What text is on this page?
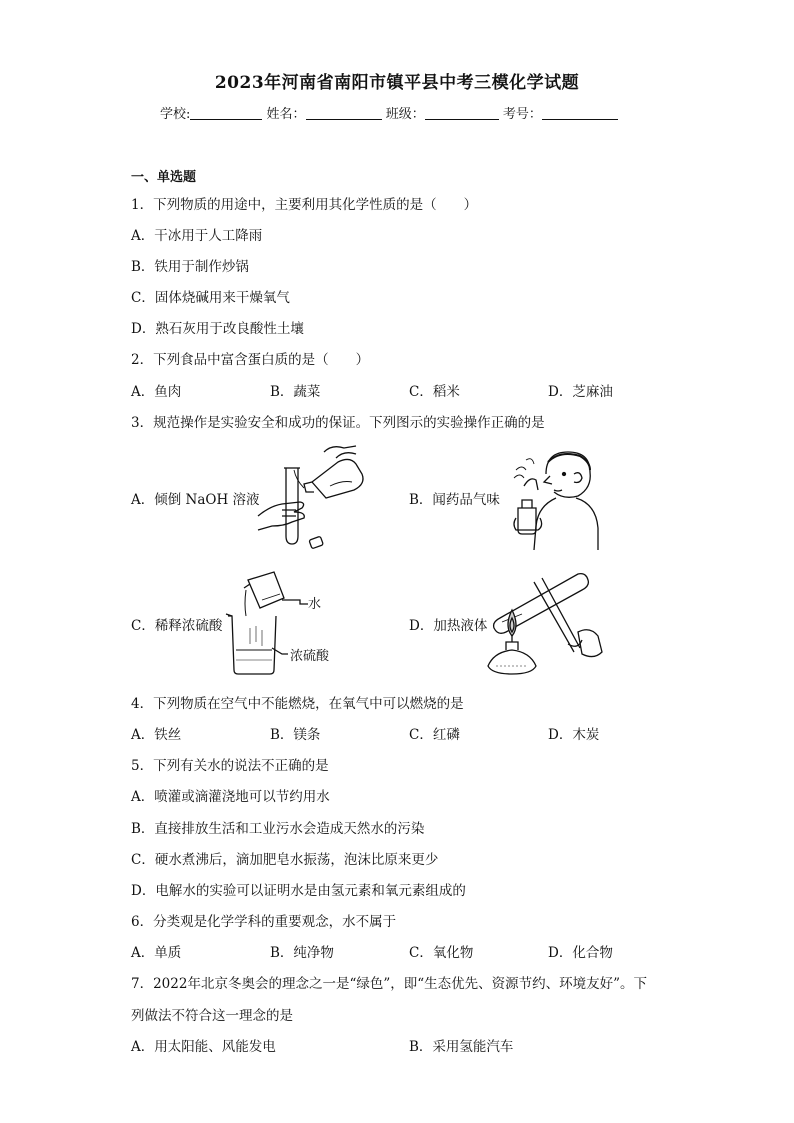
2023年河南省南阳市镇平县中考三模化学试题
学校:	姓名：	班级：	考号：
一、单选题
1．下列物质的用途中，主要利用其化学性质的是（　　）
A．干冰用于人工降雨
B．铁用于制作炒锅
C．固体烧碱用来干燥氧气
D．熟石灰用于改良酸性土壤
2．下列食品中富含蛋白质的是（　　）
A．鱼肉	B．蔬菜	C．稻米	D．芝麻油
3．规范操作是实验安全和成功的保证。下列图示的实验操作正确的是
A．倾倒 NaOH 溶液	B．闻药品气味
C．稀释浓硫酸	D．加热液体
水
浓硫酸
4．下列物质在空气中不能燃烧，在氧气中可以燃烧的是
A．铁丝	B．镁条	C．红磷	D．木炭
5．下列有关水的说法不正确的是
A．喷灌或滴灌浇地可以节约用水
B．直接排放生活和工业污水会造成天然水的污染
C．硬水煮沸后，滴加肥皂水振荡，泡沫比原来更少
D．电解水的实验可以证明水是由氢元素和氧元素组成的
6．分类观是化学学科的重要观念，水不属于
A．单质	B．纯净物	C．氧化物	D．化合物
7．2022年北京冬奥会的理念之一是“绿色”，即“生态优先、资源节约、环境友好”。下
列做法不符合这一理念的是
A．用太阳能、风能发电	B．采用氢能汽车
